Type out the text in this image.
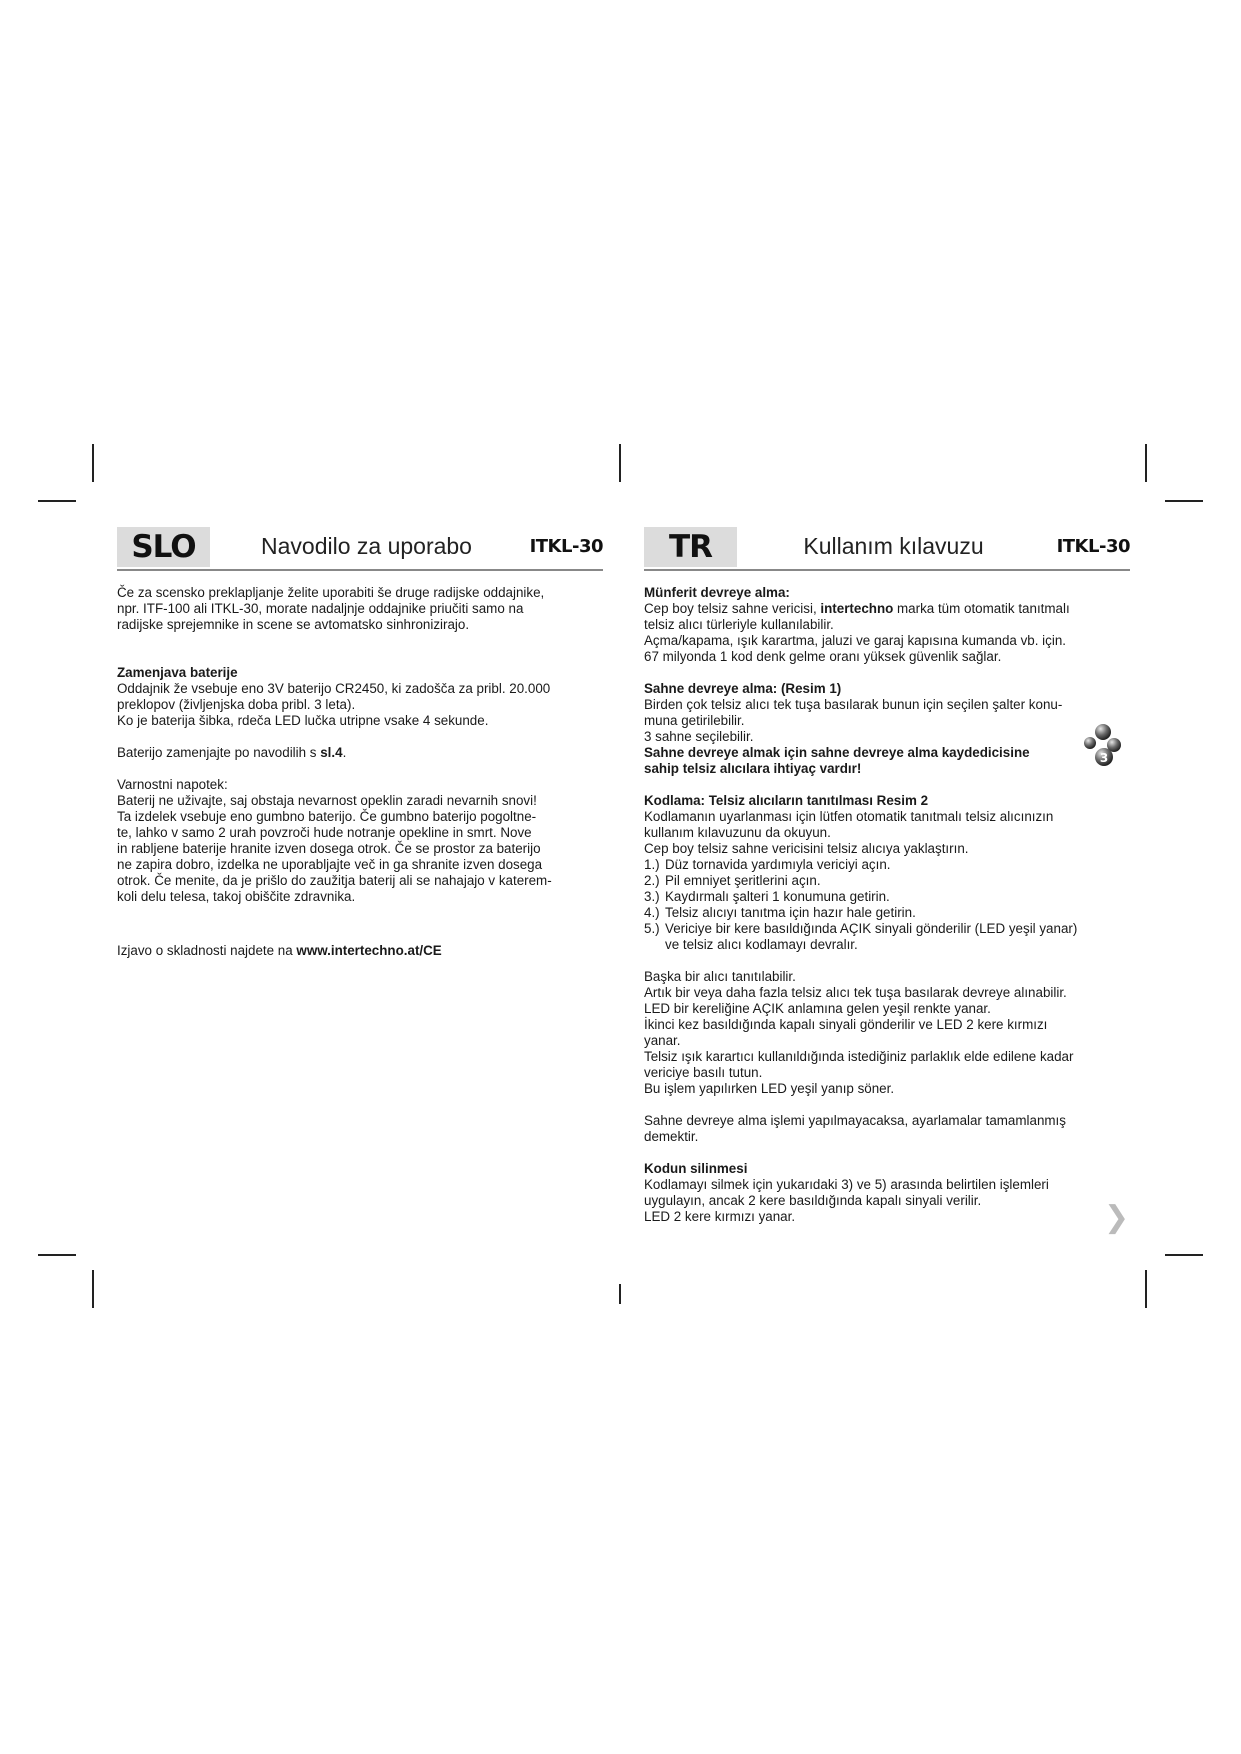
SLO	Navodilo za uporabo	ITKL-30

Če za scensko preklapljanje želite uporabiti še druge radijske oddajnike,
npr. ITF-100 ali ITKL-30, morate nadaljnje oddajnike priučiti samo na
radijske sprejemnike in scene se avtomatsko sinhronizirajo.

Zamenjava baterije

Oddajnik že vsebuje eno 3V baterijo CR2450, ki zadošča za pribl. 20.000
preklopov (življenjska doba pribl. 3 leta).
Ko je baterija šibka, rdeča LED lučka utripne vsake 4 sekunde.

Baterijo zamenjajte po navodilih s sl.4.

Varnostni napotek:

Baterij ne uživajte, saj obstaja nevarnost opeklin zaradi nevarnih snovi!
Ta izdelek vsebuje eno gumbno baterijo. Če gumbno baterijo pogoltne-
te, lahko v samo 2 urah povzroči hude notranje opekline in smrt. Nove
in rabljene baterije hranite izven dosega otrok. Če se prostor za baterijo
ne zapira dobro, izdelka ne uporabljajte več in ga shranite izven dosega
otrok. Če menite, da je prišlo do zaužitja baterij ali se nahajajo v katerem-
koli delu telesa, takoj obiščite zdravnika.

Izjavo o skladnosti najdete na www.intertechno.at/CE

TR	Kullanım kılavuzu	ITKL-30

Münferit devreye alma:

Cep boy telsiz sahne vericisi, intertechno marka tüm otomatik tanıtmalı

telsiz alıcı türleriyle kullanılabilir.
Açma/kapama, ışık karartma, jaluzi ve garaj kapısına kumanda vb. için.
67 milyonda 1 kod denk gelme oranı yüksek güvenlik sağlar.

Sahne devreye alma: (Resim 1)

Birden çok telsiz alıcı tek tuşa basılarak bunun için seçilen şalter konu-
muna getirilebilir.
3 sahne seçilebilir.

Sahne devreye almak için sahne devreye alma kaydedicisine
sahip telsiz alıcılara ihtiyaç vardır!

Kodlama: Telsiz alıcıların tanıtılması Resim 2

Kodlamanın uyarlanması için lütfen otomatik tanıtmalı telsiz alıcınızın
kullanım kılavuzunu da okuyun.
Cep boy telsiz sahne vericisini telsiz alıcıya yaklaştırın.

1.) Düz tornavida yardımıyla vericiyi açın.
2.) Pil emniyet şeritlerini açın.
3.) Kaydırmalı şalteri 1 konumuna getirin.
4.) Telsiz alıcıyı tanıtma için hazır hale getirin.
5.) Vericiye bir kere basıldığında AÇIK sinyali gönderilir (LED yeşil yanar)
ve telsiz alıcı kodlamayı devralır.

Başka bir alıcı tanıtılabilir.
Artık bir veya daha fazla telsiz alıcı tek tuşa basılarak devreye alınabilir.
LED bir kereliğine AÇIK anlamına gelen yeşil renkte yanar.
İkinci kez basıldığında kapalı sinyali gönderilir ve LED 2 kere kırmızı
yanar.
Telsiz ışık karartıcı kullanıldığında istediğiniz parlaklık elde edilene kadar
vericiye basılı tutun.
Bu işlem yapılırken LED yeşil yanıp söner.

Sahne devreye alma işlemi yapılmayacaksa, ayarlamalar tamamlanmış
demektir.

Kodun silinmesi

Kodlamayı silmek için yukarıdaki 3) ve 5) arasında belirtilen işlemleri
uygulayın, ancak 2 kere basıldığında kapalı sinyali verilir.
LED 2 kere kırmızı yanar.

3
❯
